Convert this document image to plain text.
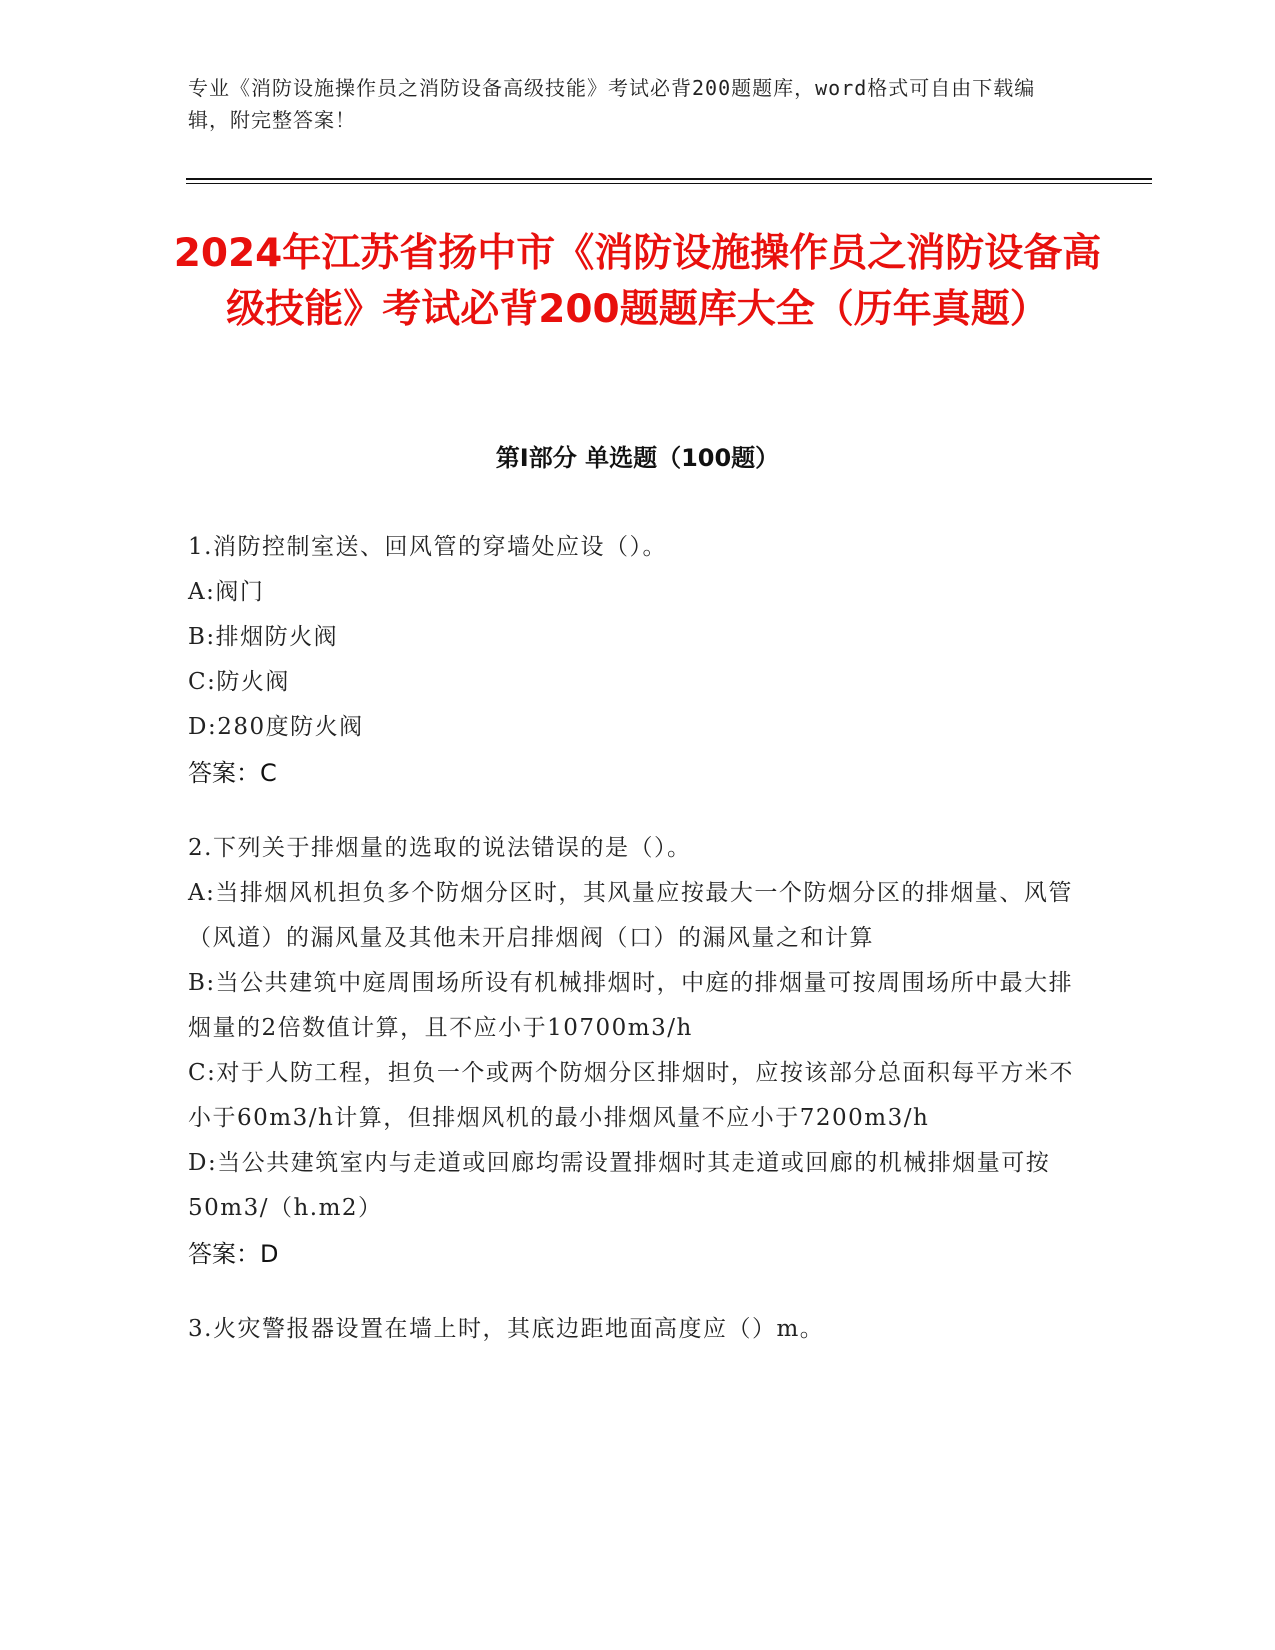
专业《消防设施操作员之消防设备高级技能》考试必背200题题库，word格式可自由下载编辑，附完整答案！
2024年江苏省扬中市《消防设施操作员之消防设备高级技能》考试必背200题题库大全（历年真题）
第I部分 单选题（100题）
1.消防控制室送、回风管的穿墙处应设（）。
A:阀门
B:排烟防火阀
C:防火阀
D:280度防火阀
答案：C
2.下列关于排烟量的选取的说法错误的是（）。
A:当排烟风机担负多个防烟分区时，其风量应按最大一个防烟分区的排烟量、风管（风道）的漏风量及其他未开启排烟阀（口）的漏风量之和计算
B:当公共建筑中庭周围场所设有机械排烟时，中庭的排烟量可按周围场所中最大排烟量的2倍数值计算，且不应小于10700m3/h
C:对于人防工程，担负一个或两个防烟分区排烟时，应按该部分总面积每平方米不小于60m3/h计算，但排烟风机的最小排烟风量不应小于7200m3/h
D:当公共建筑室内与走道或回廊均需设置排烟时其走道或回廊的机械排烟量可按50m3/（h.m2）
答案：D
3.火灾警报器设置在墙上时，其底边距地面高度应（）m。
